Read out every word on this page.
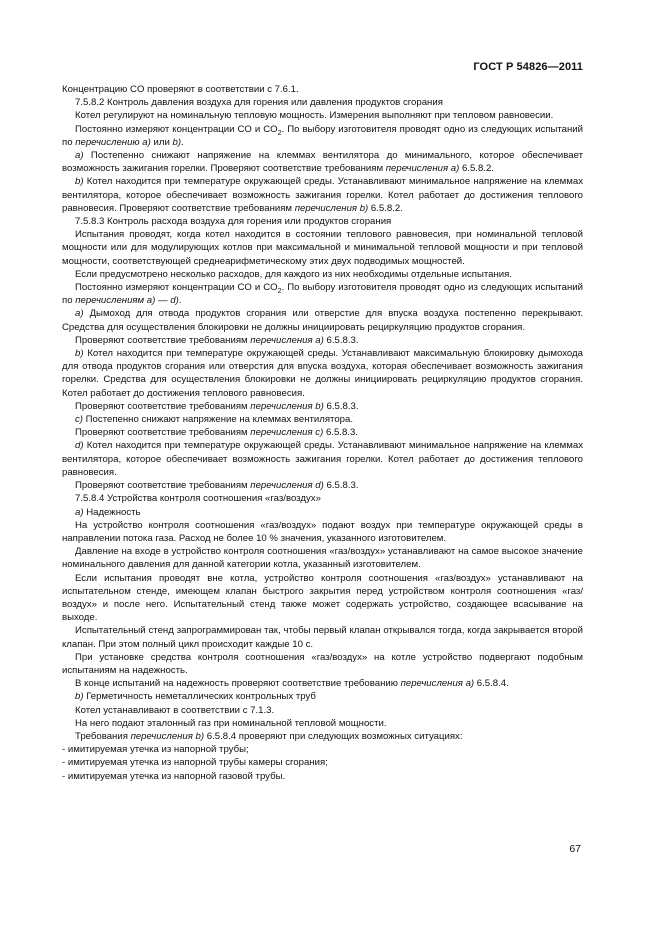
ГОСТ Р 54826—2011

Концентрацию CO проверяют в соответствии с 7.6.1.

7.5.8.2 Контроль давления воздуха для горения или давления продуктов сгорания

Котел регулируют на номинальную тепловую мощность. Измерения выполняют при тепловом равновесии.

Постоянно измеряют концентрации CO и $CO_2$. По выбору изготовителя проводят одно из следующих испытаний по перечислению а) или b).

a) Постепенно снижают напряжение на клеммах вентилятора до минимального, которое обеспечивает возможность зажигания горелки. Проверяют соответствие требованиям перечисления а) 6.5.8.2.

b) Котел находится при температуре окружающей среды. Устанавливают минимальное напряжение на клеммах вентилятора, которое обеспечивает возможность зажигания горелки. Котел работает до достижения теплового равновесия. Проверяют соответствие требованиям перечисления b) 6.5.8.2.

7.5.8.3 Контроль расхода воздуха для горения или продуктов сгорания

Испытания проводят, когда котел находится в состоянии теплового равновесия, при номинальной тепловой мощности или для модулирующих котлов при максимальной и минимальной тепловой мощности и при тепловой мощности, соответствующей среднеарифметическому этих двух подводимых мощностей.

Если предусмотрено несколько расходов, для каждого из них необходимы отдельные испытания.

Постоянно измеряют концентрации CO и $CO_2$. По выбору изготовителя проводят одно из следующих испытаний по перечислениям а) — d).

a) Дымоход для отвода продуктов сгорания или отверстие для впуска воздуха постепенно перекрывают. Средства для осуществления блокировки не должны инициировать рециркуляцию продуктов сгорания.

Проверяют соответствие требованиям перечисления а) 6.5.8.3.

b) Котел находится при температуре окружающей среды. Устанавливают максимальную блокировку дымохода для отвода продуктов сгорания или отверстия для впуска воздуха, которая обеспечивает возможность зажигания горелки. Средства для осуществления блокировки не должны инициировать рециркуляцию продуктов сгорания. Котел работает до достижения теплового равновесия.

Проверяют соответствие требованиям перечисления b) 6.5.8.3.

c) Постепенно снижают напряжение на клеммах вентилятора.

Проверяют соответствие требованиям перечисления с) 6.5.8.3.

d) Котел находится при температуре окружающей среды. Устанавливают минимальное напряжение на клеммах вентилятора, которое обеспечивает возможность зажигания горелки. Котел работает до достижения теплового равновесия.

Проверяют соответствие требованиям перечисления d) 6.5.8.3.

7.5.8.4 Устройства контроля соотношения «газ/воздух»

a) Надежность

На устройство контроля соотношения «газ/воздух» подают воздух при температуре окружающей среды в направлении потока газа. Расход не более 10 % значения, указанного изготовителем.

Давление на входе в устройство контроля соотношения «газ/воздух» устанавливают на самое высокое значение номинального давления для данной категории котла, указанный изготовителем.

Если испытания проводят вне котла, устройство контроля соотношения «газ/воздух» устанавливают на испытательном стенде, имеющем клапан быстрого закрытия перед устройством контроля соотношения «газ/воздух» и после него. Испытательный стенд также может содержать устройство, создающее всасывание на выходе.

Испытательный стенд запрограммирован так, чтобы первый клапан открывался тогда, когда закрывается второй клапан. При этом полный цикл происходит каждые 10 с.

При установке средства контроля соотношения «газ/воздух» на котле устройство подвергают подобным испытаниям на надежность.

В конце испытаний на надежность проверяют соответствие требованию перечисления а) 6.5.8.4.

b) Герметичность неметаллических контрольных труб

Котел устанавливают в соответствии с 7.1.3.

На него подают эталонный газ при номинальной тепловой мощности.

Требования перечисления b) 6.5.8.4 проверяют при следующих возможных ситуациях:

- имитируемая утечка из напорной трубы;

- имитируемая утечка из напорной трубы камеры сгорания;

- имитируемая утечка из напорной газовой трубы.

67
